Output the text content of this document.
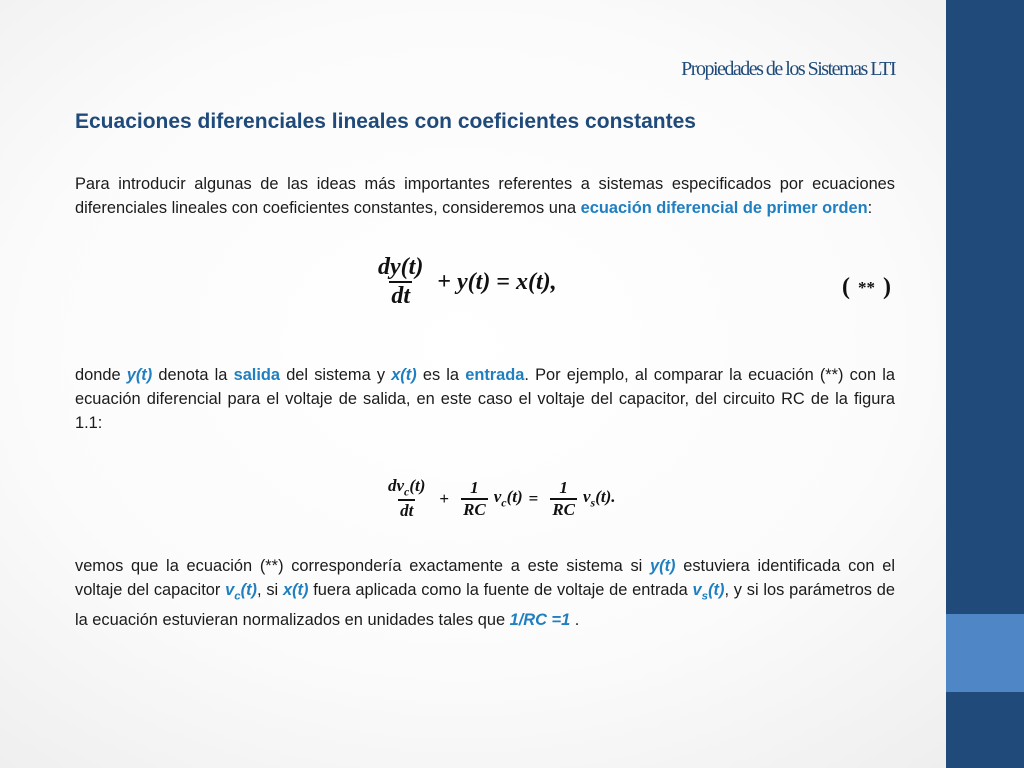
Propiedades de los Sistemas LTI
Ecuaciones diferenciales lineales con coeficientes constantes

Para introducir algunas de las ideas más importantes referentes a sistemas especificados por ecuaciones diferenciales lineales con coeficientes constantes, consideremos una ecuación diferencial de primer orden:

$\frac{dy(t)}{dt} + y(t) = x(t)$,	( ** )

donde y(t) denota la salida del sistema y x(t) es la entrada. Por ejemplo, al comparar la ecuación (**) con la ecuación diferencial para el voltaje de salida, en este caso el voltaje del capacitor, del circuito RC de la figura 1.1:

$\frac{dv_c(t)}{dt} + \frac{1}{RC} v_c(t) = \frac{1}{RC} v_s(t)$.

vemos que la ecuación (**) correspondería exactamente a este sistema si y(t) estuviera identificada con el voltaje del capacitor $v_c(t)$, si x(t) fuera aplicada como la fuente de voltaje de entrada $v_s(t)$, y si los parámetros de la ecuación estuvieran normalizados en unidades tales que 1/RC =1 .
